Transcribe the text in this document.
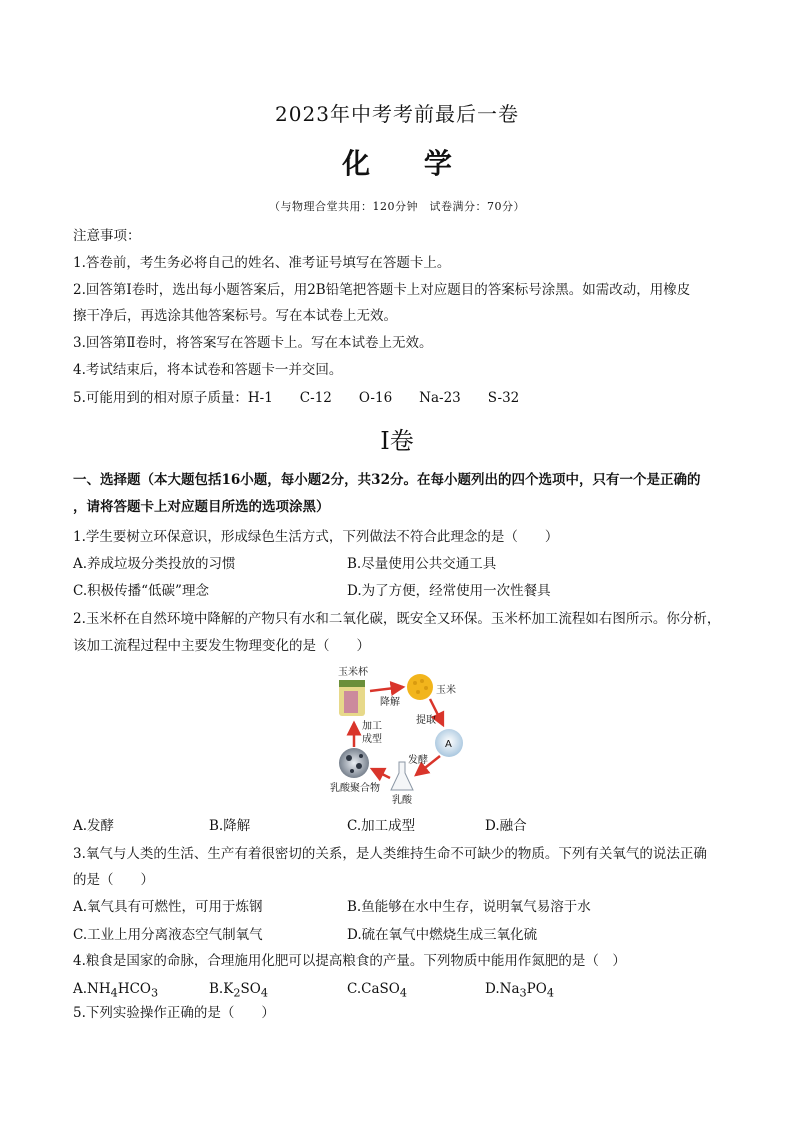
2023年中考考前最后一卷
化 学
（与物理合堂共用：120分钟　试卷满分：70分）
注意事项：
1.答卷前，考生务必将自己的姓名、准考证号填写在答题卡上。
2.回答第Ⅰ卷时，选出每小题答案后，用2B铅笔把答题卡上对应题目的答案标号涂黑。如需改动，用橡皮
擦干净后，再选涂其他答案标号。写在本试卷上无效。
3.回答第Ⅱ卷时，将答案写在答题卡上。写在本试卷上无效。
4.考试结束后，将本试卷和答题卡一并交回。
5.可能用到的相对原子质量：H-1　　C-12　　O-16　　Na-23　　S-32
Ⅰ卷
一、选择题（本大题包括16小题，每小题2分，共32分。在每小题列出的四个选项中，只有一个是正确的
，请将答题卡上对应题目所选的选项涂黑）
1.学生要树立环保意识，形成绿色生活方式，下列做法不符合此理念的是（　　）
A.养成垃圾分类投放的习惯	B.尽量使用公共交通工具
C.积极传播“低碳”理念	D.为了方便，经常使用一次性餐具
2.玉米杯在自然环境中降解的产物只有水和二氧化碳，既安全又环保。玉米杯加工流程如右图所示。你分析，
该加工流程过程中主要发生物理变化的是（　　）
玉米杯
玉米
A
乳酸
乳酸聚合物
降解
提取
发酵
加工
成型
A.发酵	B.降解	C.加工成型	D.融合
3.氧气与人类的生活、生产有着很密切的关系，是人类维持生命不可缺少的物质。下列有关氧气的说法正确
的是（　　）
A.氧气具有可燃性，可用于炼钢	B.鱼能够在水中生存，说明氧气易溶于水
C.工业上用分离液态空气制氧气	D.硫在氧气中燃烧生成三氧化硫
4.粮食是国家的命脉，合理施用化肥可以提高粮食的产量。下列物质中能用作氮肥的是（　）
$A.NH_4HCO_3$	$B.K_2SO_4$	C.CaSO$_4$	$D.Na_3PO_4$
5.下列实验操作正确的是（　　）
